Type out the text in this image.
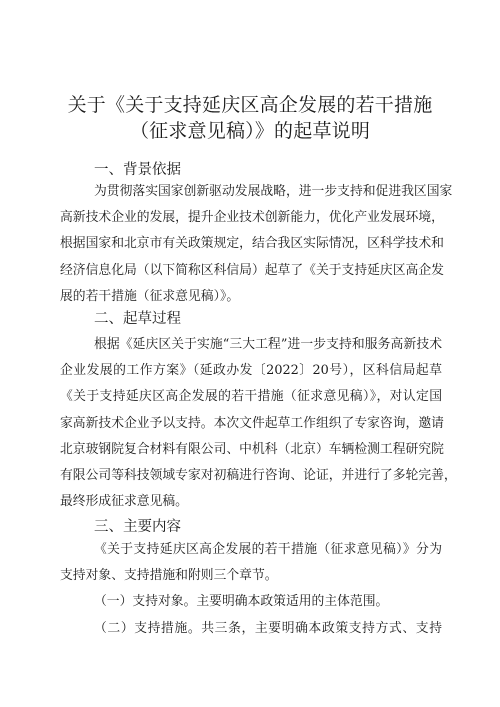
关于《关于支持延庆区高企发展的若干措施
（征求意见稿）》的起草说明
一、背景依据
为贯彻落实国家创新驱动发展战略，进一步支持和促进我区国家
高新技术企业的发展，提升企业技术创新能力，优化产业发展环境，
根据国家和北京市有关政策规定，结合我区实际情况，区科学技术和
经济信息化局（以下简称区科信局）起草了《关于支持延庆区高企发
展的若干措施（征求意见稿）》。
二、起草过程
根据《延庆区关于实施“三大工程”进一步支持和服务高新技术
企业发展的工作方案》（延政办发〔2022〕20号），区科信局起草
《关于支持延庆区高企发展的若干措施（征求意见稿）》，对认定国
家高新技术企业予以支持。本次文件起草工作组织了专家咨询，邀请
北京玻钢院复合材料有限公司、中机科（北京）车辆检测工程研究院
有限公司等科技领域专家对初稿进行咨询、论证，并进行了多轮完善，
最终形成征求意见稿。
三、主要内容
《关于支持延庆区高企发展的若干措施（征求意见稿）》分为
支持对象、支持措施和附则三个章节。
（一）支持对象。主要明确本政策适用的主体范围。
（二）支持措施。共三条，主要明确本政策支持方式、支持
